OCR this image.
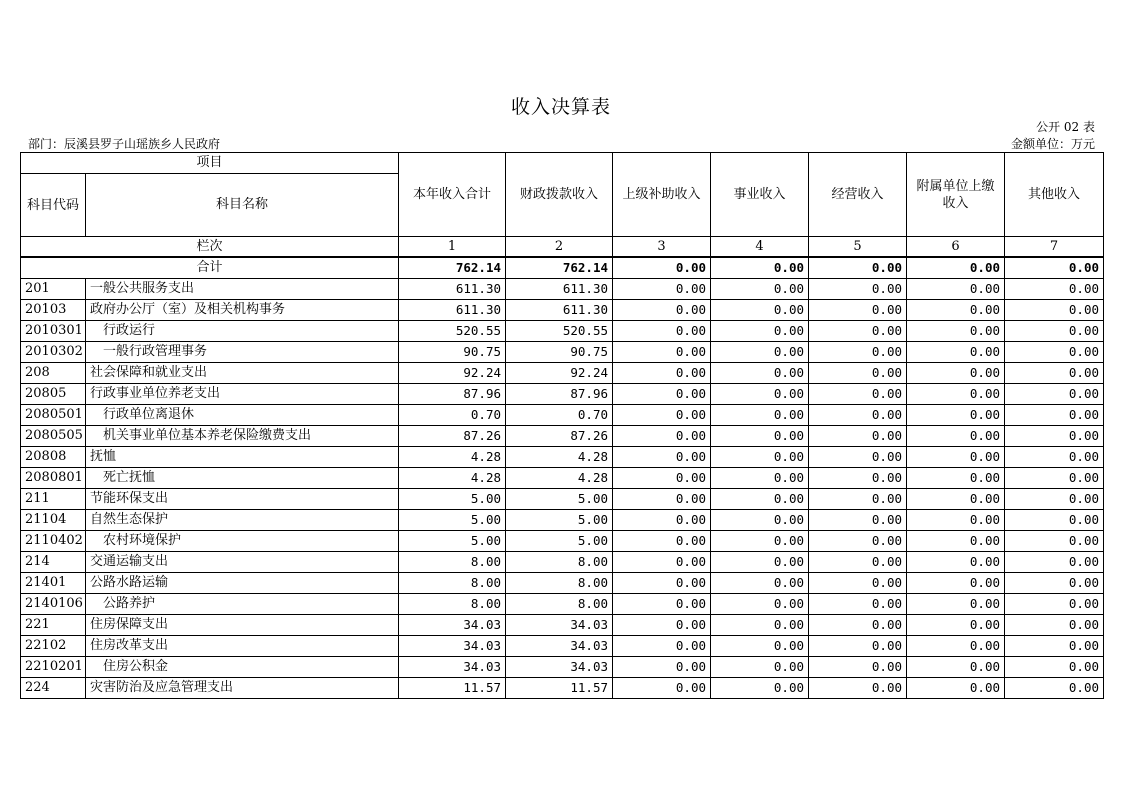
收入决算表
公开 02 表
部门：辰溪县罗子山瑶族乡人民政府	金额单位：万元
项目		本年收入合计	财政拨款收入	上级补助收入	事业收入	经营收入	附属单位上缴收入	其他收入
科目代码	科目名称							
栏次		1	2	3	4	5	6	7
合计		762.14	762.14	0.00	0.00	0.00	0.00	0.00
201	一般公共服务支出	611.30	611.30	0.00	0.00	0.00	0.00	0.00
20103	政府办公厅（室）及相关机构事务	611.30	611.30	0.00	0.00	0.00	0.00	0.00
2010301	　行政运行	520.55	520.55	0.00	0.00	0.00	0.00	0.00
2010302	　一般行政管理事务	90.75	90.75	0.00	0.00	0.00	0.00	0.00
208	社会保障和就业支出	92.24	92.24	0.00	0.00	0.00	0.00	0.00
20805	行政事业单位养老支出	87.96	87.96	0.00	0.00	0.00	0.00	0.00
2080501	　行政单位离退休	0.70	0.70	0.00	0.00	0.00	0.00	0.00
2080505	　机关事业单位基本养老保险缴费支出	87.26	87.26	0.00	0.00	0.00	0.00	0.00
20808	抚恤	4.28	4.28	0.00	0.00	0.00	0.00	0.00
2080801	　死亡抚恤	4.28	4.28	0.00	0.00	0.00	0.00	0.00
211	节能环保支出	5.00	5.00	0.00	0.00	0.00	0.00	0.00
21104	自然生态保护	5.00	5.00	0.00	0.00	0.00	0.00	0.00
2110402	　农村环境保护	5.00	5.00	0.00	0.00	0.00	0.00	0.00
214	交通运输支出	8.00	8.00	0.00	0.00	0.00	0.00	0.00
21401	公路水路运输	8.00	8.00	0.00	0.00	0.00	0.00	0.00
2140106	　公路养护	8.00	8.00	0.00	0.00	0.00	0.00	0.00
221	住房保障支出	34.03	34.03	0.00	0.00	0.00	0.00	0.00
22102	住房改革支出	34.03	34.03	0.00	0.00	0.00	0.00	0.00
2210201	　住房公积金	34.03	34.03	0.00	0.00	0.00	0.00	0.00
224	灾害防治及应急管理支出	11.57	11.57	0.00	0.00	0.00	0.00	0.00
